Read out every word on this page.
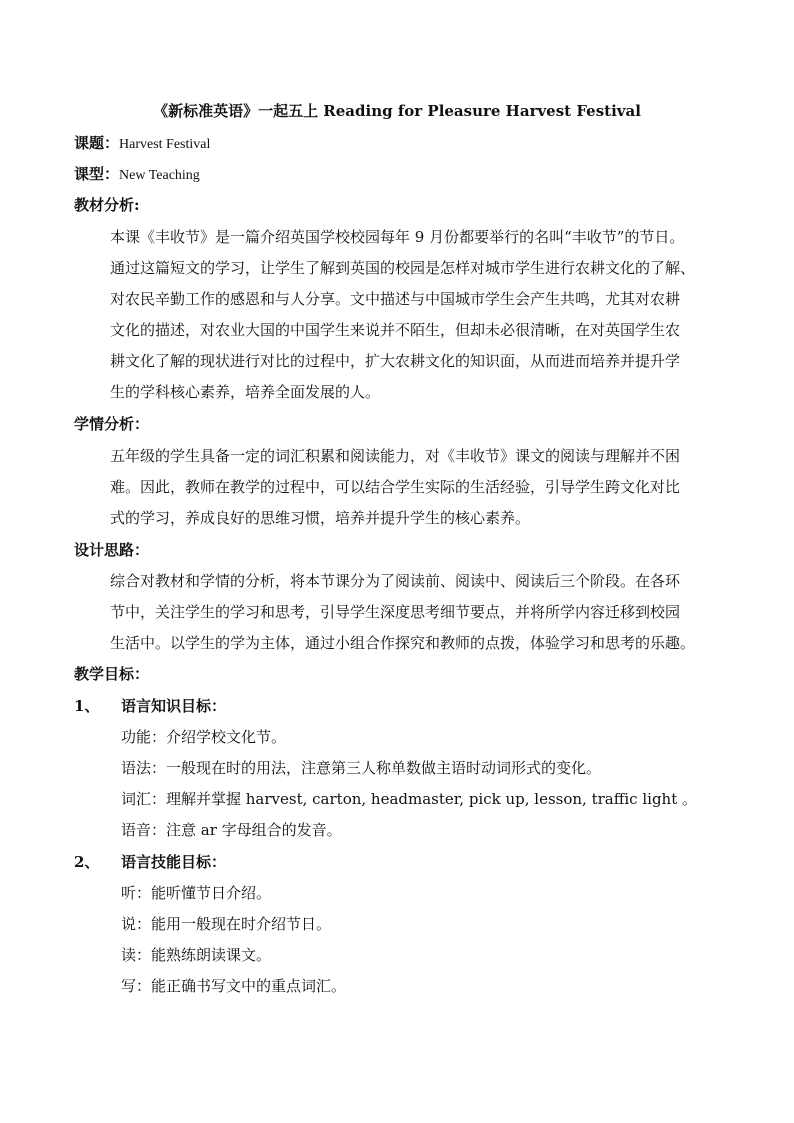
《新标准英语》一起五上 Reading for Pleasure Harvest Festival
课题：Harvest Festival
课型：New Teaching
教材分析:
本课《丰收节》是一篇介绍英国学校校园每年 9 月份都要举行的名叫“丰收节”的节日。
通过这篇短文的学习，让学生了解到英国的校园是怎样对城市学生进行农耕文化的了解、
对农民辛勤工作的感恩和与人分享。文中描述与中国城市学生会产生共鸣，尤其对农耕
文化的描述，对农业大国的中国学生来说并不陌生，但却未必很清晰，在对英国学生农
耕文化了解的现状进行对比的过程中，扩大农耕文化的知识面，从而进而培养并提升学
生的学科核心素养，培养全面发展的人。
学情分析：
五年级的学生具备一定的词汇积累和阅读能力，对《丰收节》课文的阅读与理解并不困
难。因此，教师在教学的过程中，可以结合学生实际的生活经验，引导学生跨文化对比
式的学习，养成良好的思维习惯，培养并提升学生的核心素养。
设计思路：
综合对教材和学情的分析，将本节课分为了阅读前、阅读中、阅读后三个阶段。在各环
节中，关注学生的学习和思考，引导学生深度思考细节要点，并将所学内容迁移到校园
生活中。以学生的学为主体，通过小组合作探究和教师的点拨，体验学习和思考的乐趣。
教学目标：
1、 语言知识目标：
功能：介绍学校文化节。
语法：一般现在时的用法，注意第三人称单数做主语时动词形式的变化。
词汇：理解并掌握 harvest, carton, headmaster, pick up, lesson, traffic light 。
语音：注意 ar 字母组合的发音。
2、 语言技能目标：
听：能听懂节日介绍。
说：能用一般现在时介绍节日。
读：能熟练朗读课文。
写：能正确书写文中的重点词汇。
